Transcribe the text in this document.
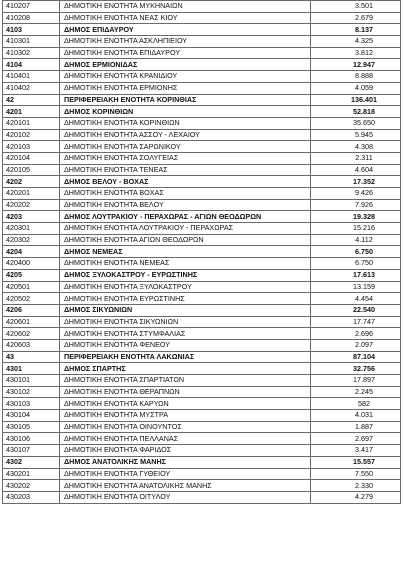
410207	ΔΗΜΟΤΙΚΗ ΕΝΟΤΗΤΑ ΜΥΚΗΝΑΙΩΝ	3.501
410208	ΔΗΜΟΤΙΚΗ ΕΝΟΤΗΤΑ ΝΕΑΣ ΚΙΟΥ	2.679
4103	ΔΗΜΟΣ ΕΠΙΔΑΥΡΟΥ	8.137
410301	ΔΗΜΟΤΙΚΗ ΕΝΟΤΗΤΑ ΑΣΚΛΗΠΙΕΙΟΥ	4.325
410302	ΔΗΜΟΤΙΚΗ ΕΝΟΤΗΤΑ ΕΠΙΔΑΥΡΟΥ	3.812
4104	ΔΗΜΟΣ ΕΡΜΙΟΝΙΔΑΣ	12.947
410401	ΔΗΜΟΤΙΚΗ ΕΝΟΤΗΤΑ ΚΡΑΝΙΔΙΟΥ	8.888
410402	ΔΗΜΟΤΙΚΗ ΕΝΟΤΗΤΑ ΕΡΜΙΟΝΗΣ	4.059
42	ΠΕΡΙΦΕΡΕΙΑΚΗ ΕΝΟΤΗΤΑ ΚΟΡΙΝΘΙΑΣ	136.401
4201	ΔΗΜΟΣ ΚΟΡΙΝΘΙΩΝ	52.818
420101	ΔΗΜΟΤΙΚΗ ΕΝΟΤΗΤΑ ΚΟΡΙΝΘΙΩΝ	35.650
420102	ΔΗΜΟΤΙΚΗ ΕΝΟΤΗΤΑ ΑΣΣΟΥ - ΛΕΧΑΙΟΥ	5.945
420103	ΔΗΜΟΤΙΚΗ ΕΝΟΤΗΤΑ ΣΑΡΩΝΙΚΟΥ	4.308
420104	ΔΗΜΟΤΙΚΗ ΕΝΟΤΗΤΑ ΣΟΛΥΓΕΙΑΣ	2.311
420105	ΔΗΜΟΤΙΚΗ ΕΝΟΤΗΤΑ ΤΕΝΕΑΣ	4.604
4202	ΔΗΜΟΣ ΒΕΛΟΥ - ΒΟΧΑΣ	17.352
420201	ΔΗΜΟΤΙΚΗ ΕΝΟΤΗΤΑ ΒΟΧΑΣ	9.426
420202	ΔΗΜΟΤΙΚΗ ΕΝΟΤΗΤΑ ΒΕΛΟΥ	7.926
4203	ΔΗΜΟΣ ΛΟΥΤΡΑΚΙΟΥ - ΠΕΡΑΧΩΡΑΣ - ΑΓΙΩΝ ΘΕΟΔΩΡΩΝ	19.328
420301	ΔΗΜΟΤΙΚΗ ΕΝΟΤΗΤΑ ΛΟΥΤΡΑΚΙΟΥ - ΠΕΡΑΧΩΡΑΣ	15.216
420302	ΔΗΜΟΤΙΚΗ ΕΝΟΤΗΤΑ ΑΓΙΩΝ ΘΕΟΔΩΡΩΝ	4.112
4204	ΔΗΜΟΣ ΝΕΜΕΑΣ	6.750
420400	ΔΗΜΟΤΙΚΗ ΕΝΟΤΗΤΑ ΝΕΜΕΑΣ	6.750
4205	ΔΗΜΟΣ ΞΥΛΟΚΑΣΤΡΟΥ - ΕΥΡΩΣΤΙΝΗΣ	17.613
420501	ΔΗΜΟΤΙΚΗ ΕΝΟΤΗΤΑ ΞΥΛΟΚΑΣΤΡΟΥ	13.159
420502	ΔΗΜΟΤΙΚΗ ΕΝΟΤΗΤΑ ΕΥΡΩΣΤΙΝΗΣ	4.454
4206	ΔΗΜΟΣ ΣΙΚΥΩΝΙΩΝ	22.540
420601	ΔΗΜΟΤΙΚΗ ΕΝΟΤΗΤΑ ΣΙΚΥΩΝΙΩΝ	17.747
420602	ΔΗΜΟΤΙΚΗ ΕΝΟΤΗΤΑ ΣΤΥΜΦΑΛΙΑΣ	2.696
420603	ΔΗΜΟΤΙΚΗ ΕΝΟΤΗΤΑ ΦΕΝΕΟΥ	2.097
43	ΠΕΡΙΦΕΡΕΙΑΚΗ ΕΝΟΤΗΤΑ ΛΑΚΩΝΙΑΣ	87.104
4301	ΔΗΜΟΣ ΣΠΑΡΤΗΣ	32.756
430101	ΔΗΜΟΤΙΚΗ ΕΝΟΤΗΤΑ ΣΠΑΡΤΙΑΤΩΝ	17.897
430102	ΔΗΜΟΤΙΚΗ ΕΝΟΤΗΤΑ ΘΕΡΑΠΝΩΝ	2.245
430103	ΔΗΜΟΤΙΚΗ ΕΝΟΤΗΤΑ ΚΑΡΥΩΝ	582
430104	ΔΗΜΟΤΙΚΗ ΕΝΟΤΗΤΑ ΜΥΣΤΡΑ	4.031
430105	ΔΗΜΟΤΙΚΗ ΕΝΟΤΗΤΑ ΟΙΝΟΥΝΤΟΣ	1.887
430106	ΔΗΜΟΤΙΚΗ ΕΝΟΤΗΤΑ ΠΕΛΛΑΝΑΣ	2.697
430107	ΔΗΜΟΤΙΚΗ ΕΝΟΤΗΤΑ ΦΑΡΙΔΟΣ	3.417
4302	ΔΗΜΟΣ ΑΝΑΤΟΛΙΚΗΣ ΜΑΝΗΣ	15.557
430201	ΔΗΜΟΤΙΚΗ ΕΝΟΤΗΤΑ ΓΥΘΕΙΟΥ	7.550
430202	ΔΗΜΟΤΙΚΗ ΕΝΟΤΗΤΑ ΑΝΑΤΟΛΙΚΗΣ ΜΑΝΗΣ	2.330
430203	ΔΗΜΟΤΙΚΗ ΕΝΟΤΗΤΑ ΟΙΤΥΛΟΥ	4.279
